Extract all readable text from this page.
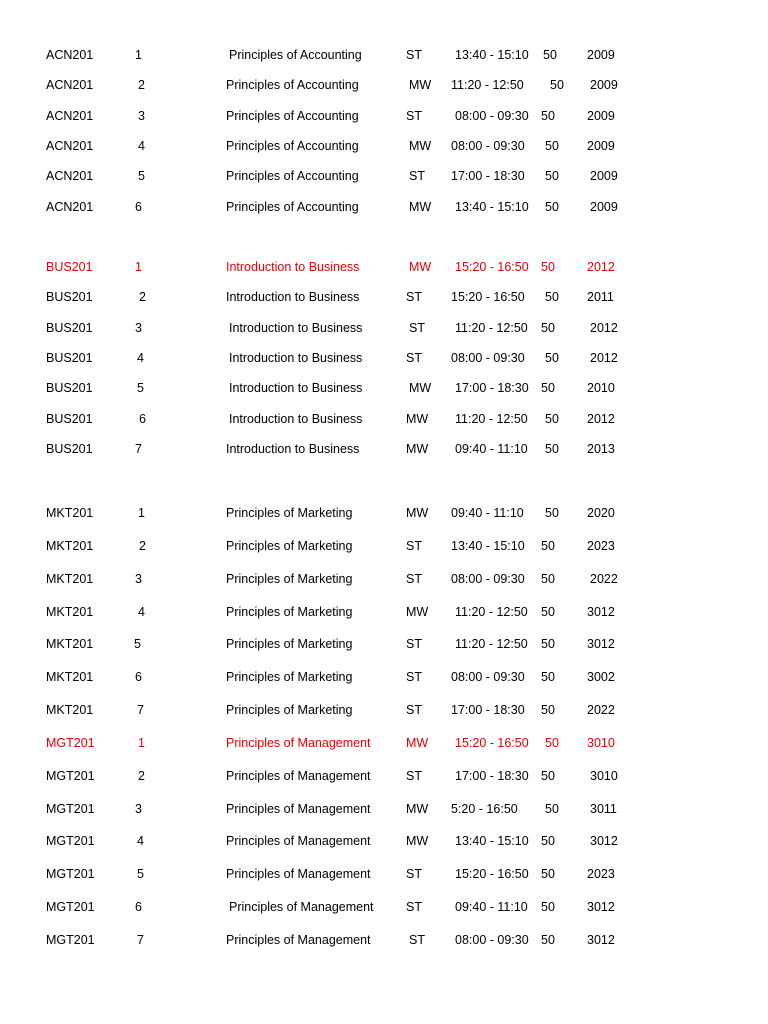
ACN201	1	Principles of Accounting	ST	13:40 - 15:10 50 2009
ACN201	2	Principles of Accounting	MW 11:20 - 12:50 50 2009
ACN201	3	Principles of Accounting	ST	08:00 - 09:30 50	2009
ACN201	4	Principles of Accounting	MW 08:00 - 09:30 50 2009
ACN201	5	Principles of Accounting	ST 17:00 - 18:30 50 2009
ACN201	6	Principles of Accounting	MW 13:40 - 15:10 50 2009
BUS201	1	Introduction to Business	MW 15:20 - 16:50 50	2012
BUS201	2	Introduction to Business	ST 15:20 - 16:50 50 2011
BUS201	3	Introduction to Business	ST 11:20 - 12:50 50	2012
BUS201	4	Introduction to Business	ST 08:00 - 09:30 50 2012
BUS201	5	Introduction to Business	MW 17:00 - 18:30 50	2010
BUS201	6	Introduction to Business	MW 11:20 - 12:50 50 2012
BUS201	7	Introduction to Business	MW 09:40 - 11:10 50 2013
MKT201	1	Principles of Marketing	MW 09:40 - 11:10 50 2020
MKT201	2	Principles of Marketing	ST 13:40 - 15:10 50	2023
MKT201	3	Principles of Marketing	ST 08:00 - 09:30 50	2022
MKT201	4	Principles of Marketing	MW 11:20 - 12:50 50	3012
MKT201	5	Principles of Marketing	ST	11:20 - 12:50 50	3012
MKT201	6	Principles of Marketing	ST 08:00 - 09:30 50	3002
MKT201	7	Principles of Marketing	ST 17:00 - 18:30 50	2022
MGT201	1	Principles of Management	MW 15:20 - 16:50 50 3010
MGT201	2	Principles of Management	ST	17:00 - 18:30 50	3010
MGT201	3	Principles of Management	MW 5:20 - 16:50 50 3011
MGT201	4	Principles of Management	MW 13:40 - 15:10 50	3012
MGT201	5	Principles of Management	ST	15:20 - 16:50 50	2023
MGT201	6	Principles of Management	ST	09:40 - 11:10 50	3012
MGT201	7	Principles of Management	ST 08:00 - 09:30 50	3012
